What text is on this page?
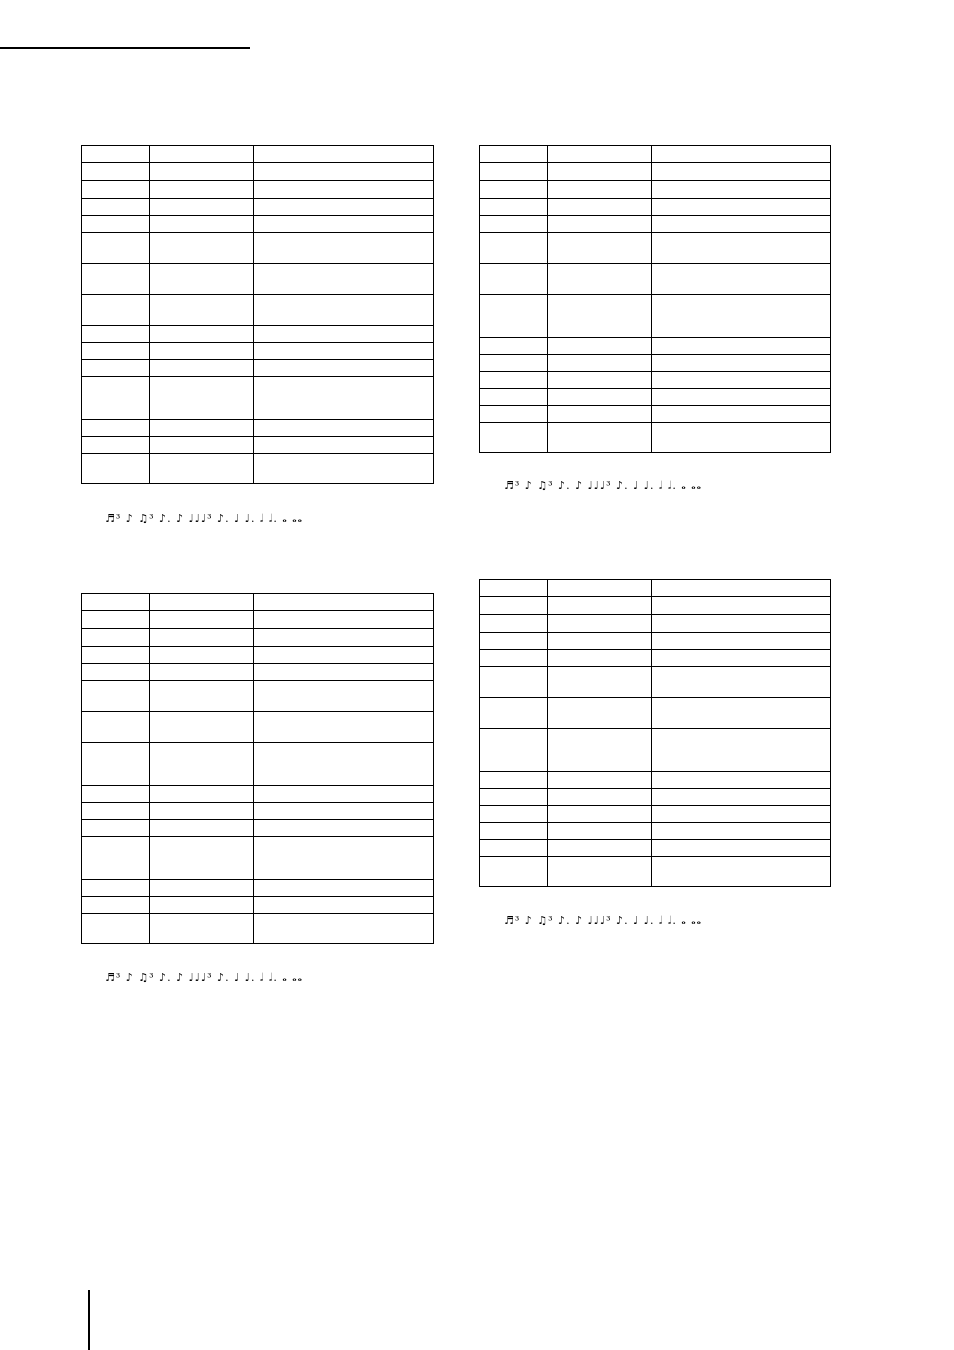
♬³ ♪ ♫³ ♪. ♪ ♩♩♩³ ♪. ♩ ♩. 𝅗𝅥 𝅗𝅥. 𝅝 𝅝𝅝

♬³ ♪ ♫³ ♪. ♪ ♩♩♩³ ♪. ♩ ♩. 𝅗𝅥 𝅗𝅥. 𝅝 𝅝𝅝

♬³ ♪ ♫³ ♪. ♪ ♩♩♩³ ♪. ♩ ♩. 𝅗𝅥 𝅗𝅥. 𝅝 𝅝𝅝

♬³ ♪ ♫³ ♪. ♪ ♩♩♩³ ♪. ♩ ♩. 𝅗𝅥 𝅗𝅥. 𝅝 𝅝𝅝
